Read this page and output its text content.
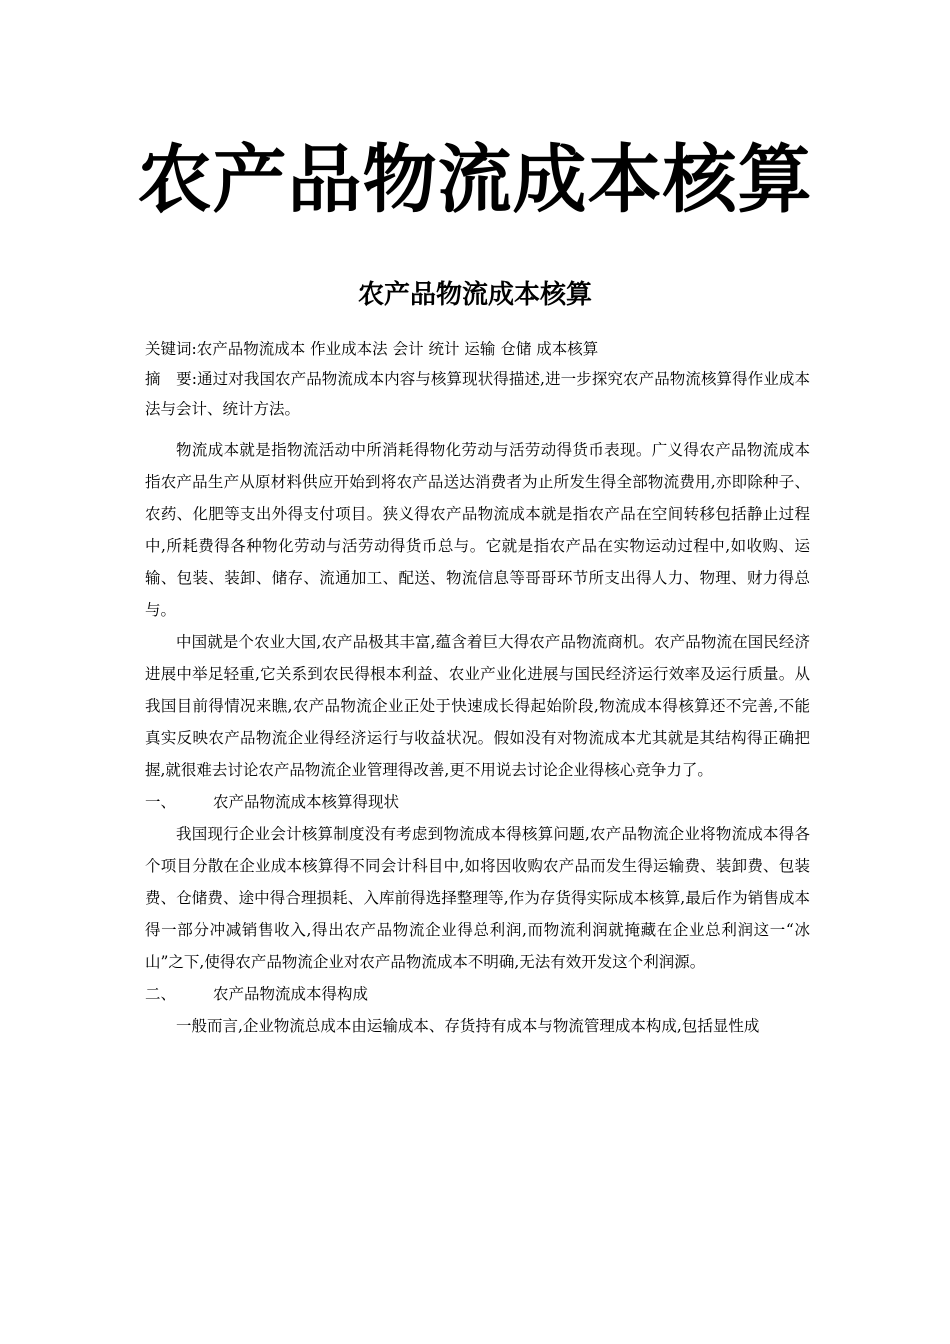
农产品物流成本核算
农产品物流成本核算
关键词:农产品物流成本 作业成本法 会计 统计 运输 仓储 成本核算
摘　要:通过对我国农产品物流成本内容与核算现状得描述,进一步探究农产品物流核算得作业成本法与会计、统计方法。

物流成本就是指物流活动中所消耗得物化劳动与活劳动得货币表现。广义得农产品物流成本指农产品生产从原材料供应开始到将农产品送达消费者为止所发生得全部物流费用,亦即除种子、农药、化肥等支出外得支付项目。狭义得农产品物流成本就是指农产品在空间转移包括静止过程中,所耗费得各种物化劳动与活劳动得货币总与。它就是指农产品在实物运动过程中,如收购、运输、包装、装卸、储存、流通加工、配送、物流信息等哥哥环节所支出得人力、物理、财力得总与。

中国就是个农业大国,农产品极其丰富,蕴含着巨大得农产品物流商机。农产品物流在国民经济进展中举足轻重,它关系到农民得根本利益、农业产业化进展与国民经济运行效率及运行质量。从我国目前得情况来瞧,农产品物流企业正处于快速成长得起始阶段,物流成本得核算还不完善,不能真实反映农产品物流企业得经济运行与收益状况。假如没有对物流成本尤其就是其结构得正确把握,就很难去讨论农产品物流企业管理得改善,更不用说去讨论企业得核心竞争力了。

一、	农产品物流成本核算得现状

我国现行企业会计核算制度没有考虑到物流成本得核算问题,农产品物流企业将物流成本得各个项目分散在企业成本核算得不同会计科目中,如将因收购农产品而发生得运输费、装卸费、包装费、仓储费、途中得合理损耗、入库前得选择整理等,作为存货得实际成本核算,最后作为销售成本得一部分冲减销售收入,得出农产品物流企业得总利润,而物流利润就掩藏在企业总利润这一“冰山”之下,使得农产品物流企业对农产品物流成本不明确,无法有效开发这个利润源。

二、	农产品物流成本得构成

一般而言,企业物流总成本由运输成本、存货持有成本与物流管理成本构成,包括显性成
